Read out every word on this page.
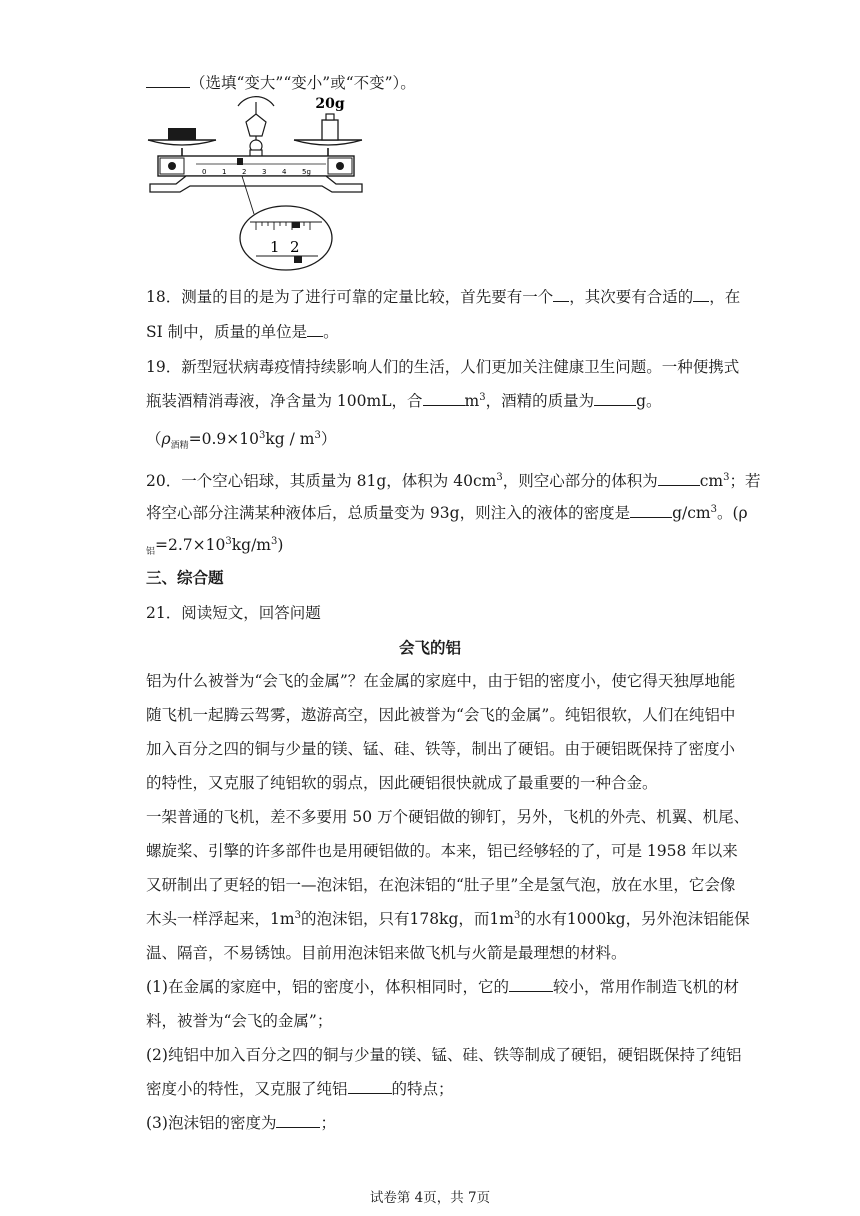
（选填“变大”“变小”或“不变”）。
20g
0 1 2 3 4 5g
1 2
18．测量的目的是为了进行可靠的定量比较，首先要有一个 ，其次要有合适的 ，在
SI 制中，质量的单位是 。
19．新型冠状病毒疫情持续影响人们的生活，人们更加关注健康卫生问题。一种便携式
瓶装酒精消毒液，净含量为 100mL，合	$m^3$，酒精的质量为	g。
$(\rho_{酒精}=0.9\times 10^3kg / m^3)$
20．一个空心铝球，其质量为 81g，体积为 $40cm^3$，则空心部分的体积为	$cm^3$；若
将空心部分注满某种液体后，总质量变为 93g，则注入的液体的密度是	$g/cm^3$。(ρ
$_铝=2.7\times 10^3kg/m^3$)
三、综合题
21．阅读短文，回答问题
会飞的铝
铝为什么被誉为“会飞的金属”？在金属的家庭中，由于铝的密度小，使它得天独厚地能
随飞机一起腾云驾雾，遨游高空，因此被誉为“会飞的金属”。纯铝很软，人们在纯铝中
加入百分之四的铜与少量的镁、锰、硅、铁等，制出了硬铝。由于硬铝既保持了密度小
的特性，又克服了纯铝软的弱点，因此硬铝很快就成了最重要的一种合金。
一架普通的飞机，差不多要用 50 万个硬铝做的铆钉，另外，飞机的外壳、机翼、机尾、
螺旋桨、引擎的许多部件也是用硬铝做的。本来，铝已经够轻的了，可是 1958 年以来
又研制出了更轻的铝一—泡沫铝，在泡沫铝的“肚子里”全是氢气泡，放在水里，它会像
木头一样浮起来，$1m^3$的泡沫铝，只有178kg，而$1m^3$的水有1000kg，另外泡沫铝能保
温、隔音，不易锈蚀。目前用泡沫铝来做飞机与火箭是最理想的材料。
(1)在金属的家庭中，铝的密度小，体积相同时，它的	较小，常用作制造飞机的材
料，被誉为“会飞的金属”；
(2)纯铝中加入百分之四的铜与少量的镁、锰、硅、铁等制成了硬铝，硬铝既保持了纯铝
密度小的特性，又克服了纯铝	的特点；
(3)泡沫铝的密度为	；
试卷第 4页，共 7页
